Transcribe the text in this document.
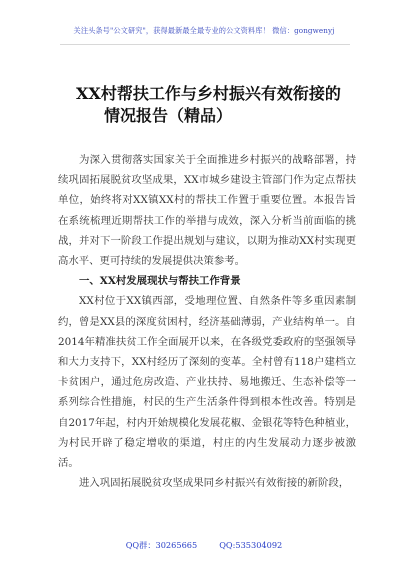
关注头条号"公文研究"，获得最新最全最专业的公文资料库！ 微信：gongwenyj
XX村帮扶工作与乡村振兴有效衔接的
情况报告（精品）

为深入贯彻落实国家关于全面推进乡村振兴的战略部署，持续巩固拓展脱贫攻坚成果，XX市城乡建设主管部门作为定点帮扶单位，始终将对XX镇XX村的帮扶工作置于重要位置。本报告旨在系统梳理近期帮扶工作的举措与成效，深入分析当前面临的挑战，并对下一阶段工作提出规划与建议，以期为推动XX村实现更高水平、更可持续的发展提供决策参考。

一、XX村发展现状与帮扶工作背景

XX村位于XX镇西部，受地理位置、自然条件等多重因素制约，曾是XX县的深度贫困村，经济基础薄弱，产业结构单一。自2014年精准扶贫工作全面展开以来，在各级党委政府的坚强领导和大力支持下，XX村经历了深刻的变革。全村曾有118户建档立卡贫困户，通过危房改造、产业扶持、易地搬迁、生态补偿等一系列综合性措施，村民的生产生活条件得到根本性改善。特别是自2017年起，村内开始规模化发展花椒、金银花等特色种植业，为村民开辟了稳定增收的渠道，村庄的内生发展动力逐步被激活。

进入巩固拓展脱贫攻坚成果同乡村振兴有效衔接的新阶段，

QQ群：30265665	QQ:535304092
